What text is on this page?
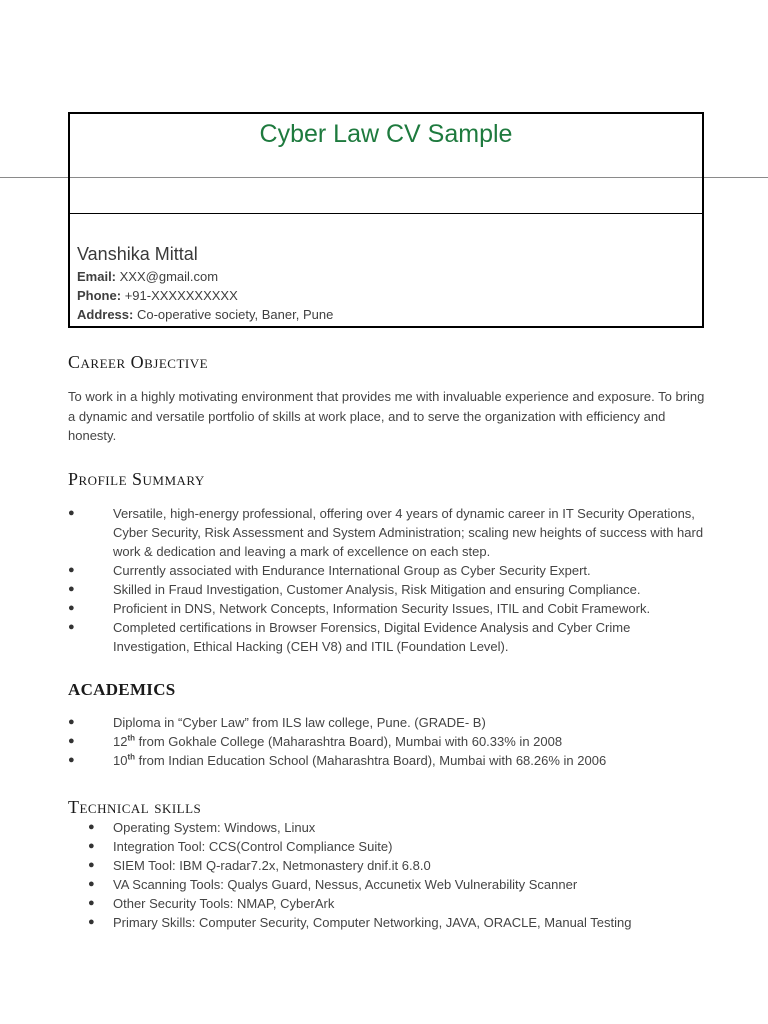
Cyber Law CV Sample
Vanshika Mittal
Email: XXX@gmail.com
Phone: +91-XXXXXXXXXX
Address: Co-operative society, Baner, Pune
Career Objective
To work in a highly motivating environment that provides me with invaluable experience and exposure. To bring a dynamic and versatile portfolio of skills at work place, and to serve the organization with efficiency and honesty.
Profile Summary
●	Versatile, high-energy professional, offering over 4 years of dynamic career in IT Security Operations, Cyber Security, Risk Assessment and System Administration; scaling new heights of success with hard work & dedication and leaving a mark of excellence on each step.
●	Currently associated with Endurance International Group as Cyber Security Expert.
●	Skilled in Fraud Investigation, Customer Analysis, Risk Mitigation and ensuring Compliance.
●	Proficient in DNS, Network Concepts, Information Security Issues, ITIL and Cobit Framework.
●	Completed certifications in Browser Forensics, Digital Evidence Analysis and Cyber Crime Investigation, Ethical Hacking (CEH V8) and ITIL (Foundation Level).
ACADEMICS
●	Diploma in “Cyber Law” from ILS law college, Pune. (GRADE- B)
●	12th from Gokhale College (Maharashtra Board), Mumbai with 60.33% in 2008
●	10th from Indian Education School (Maharashtra Board), Mumbai with 68.26% in 2006
Technical skills
● Operating System: Windows, Linux
● Integration Tool: CCS(Control Compliance Suite)
● SIEM Tool: IBM Q-radar7.2x, Netmonastery dnif.it 6.8.0
● VA Scanning Tools: Qualys Guard, Nessus, Accunetix Web Vulnerability Scanner
● Other Security Tools: NMAP, CyberArk
● Primary Skills: Computer Security, Computer Networking, JAVA, ORACLE, Manual Testing
